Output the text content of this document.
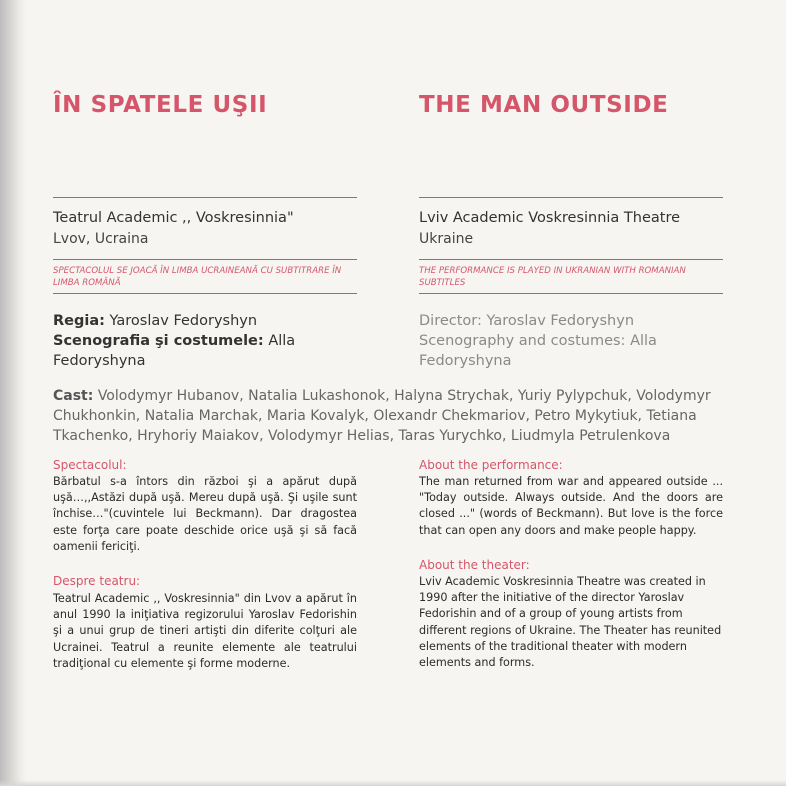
ÎN SPATELE UŞII
Teatrul Academic ,, Voskresinnia"
Lvov, Ucraina
SPECTACOLUL SE JOACĂ ÎN LIMBA UCRAINEANĂ CU SUBTITRARE ÎN LIMBA ROMÂNĂ
Regia: Yaroslav Fedoryshyn
Scenografia şi costumele: Alla Fedoryshyna
Spectacolul:
Bărbatul s-a întors din război şi a apărut după uşă…,,Astăzi după uşă. Mereu după uşă. Şi uşile sunt închise…"(cuvintele lui Beckmann). Dar dragostea este forţa care poate deschide orice uşă şi să facă oamenii fericiţi.
Despre teatru:
Teatrul Academic ,, Voskresinnia" din Lvov a apărut în anul 1990 la iniţiativa regizorului Yaroslav Fedorishin şi a unui grup de tineri artişti din diferite colţuri ale Ucrainei. Teatrul a reunite elemente ale teatrului tradiţional cu elemente şi forme moderne.
THE MAN OUTSIDE
Lviv Academic Voskresinnia Theatre
Ukraine
THE PERFORMANCE IS PLAYED IN UKRANIAN WITH ROMANIAN SUBTITLES
Director: Yaroslav Fedoryshyn
Scenography and costumes: Alla Fedoryshyna
About the performance:
The man returned from war and appeared outside ... "Today outside. Always outside. And the doors are closed ..." (words of Beckmann). But love is the force that can open any doors and make people happy.
About the theater:
Lviv Academic Voskresinnia Theatre was created in 1990 after the initiative of the director Yaroslav Fedorishin and of a group of young artists from different regions of Ukraine. The Theater has reunited elements of the traditional theater with modern elements and forms.
Cast: Volodymyr Hubanov, Natalia Lukashonok, Halyna Strychak, Yuriy Pylypchuk, Volodymyr Chukhonkin, Natalia Marchak, Maria Kovalyk, Olexandr Chekmariov, Petro Mykytiuk, Tetiana Tkachenko, Hryhoriy Maiakov, Volodymyr Helias, Taras Yurychko, Liudmyla Petrulenkova
